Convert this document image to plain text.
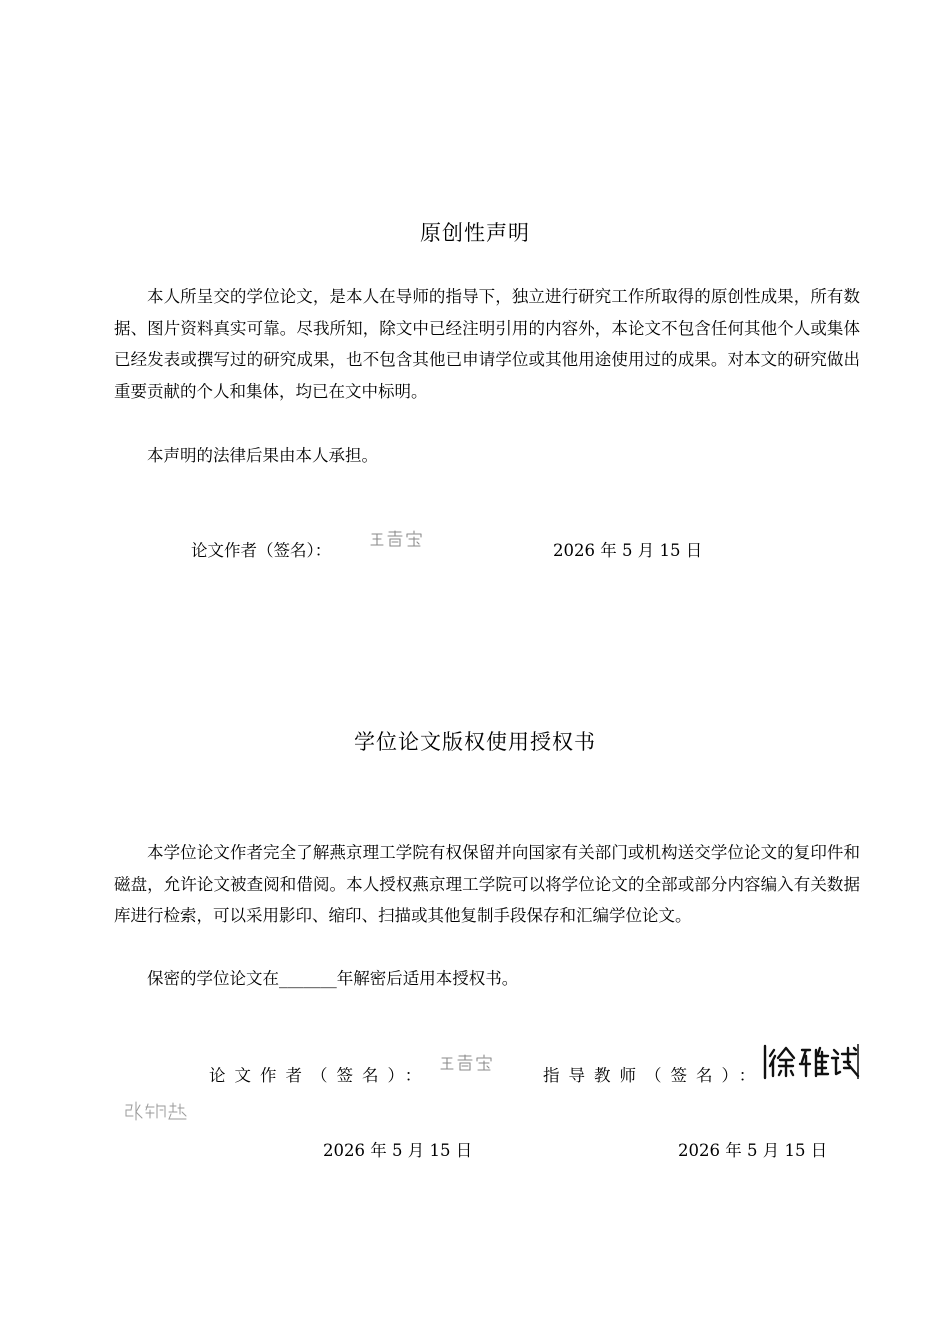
原创性声明

本人所呈交的学位论文，是本人在导师的指导下，独立进行研究工作所取得的原创性成果，所有数据、图片资料真实可靠。尽我所知，除文中已经注明引用的内容外，本论文不包含任何其他个人或集体已经发表或撰写过的研究成果，也不包含其他已申请学位或其他用途使用过的成果。对本文的研究做出重要贡献的个人和集体，均已在文中标明。

本声明的法律后果由本人承担。

论文作者（签名）：	2026 年 5 月 15 日
学位论文版权使用授权书

本学位论文作者完全了解燕京理工学院有权保留并向国家有关部门或机构送交学位论文的复印件和磁盘，允许论文被查阅和借阅。本人授权燕京理工学院可以将学位论文的全部或部分内容编入有关数据库进行检索，可以采用影印、缩印、扫描或其他复制手段保存和汇编学位论文。

保密的学位论文在_______年解密后适用本授权书。

论文作者（签名）：	指导教师（签名）：
2026 年 5 月 15 日	2026 年 5 月 15 日
